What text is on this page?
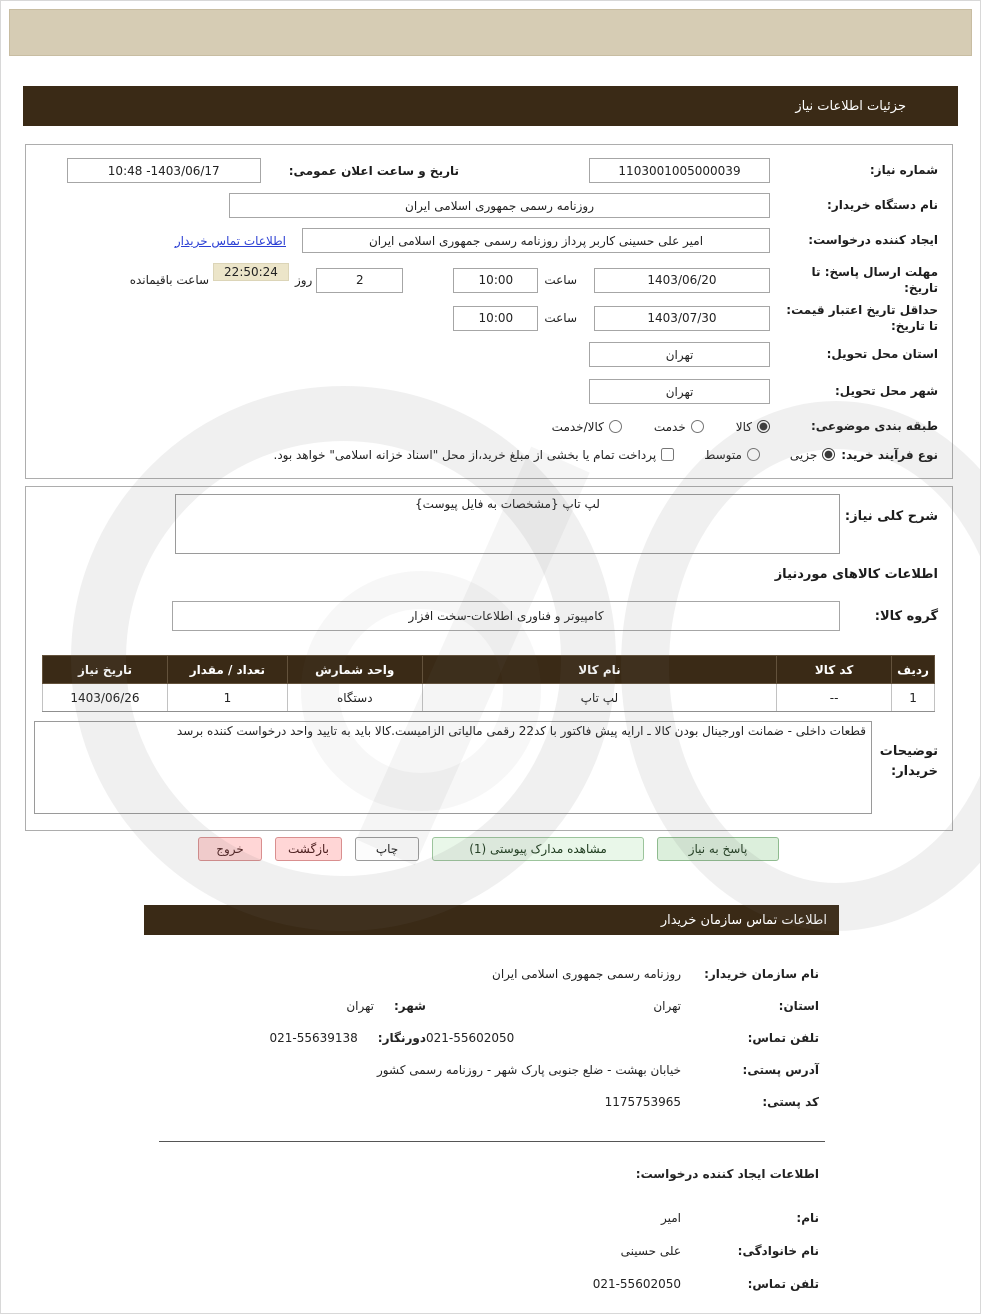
جزئیات اطلاعات نیاز
شماره نیاز:
1103001005000039
تاریخ و ساعت اعلان عمومی:
10:48 -1403/06/17
نام دستگاه خریدار:
روزنامه رسمی جمهوری اسلامی ایران
ایجاد کننده درخواست:
امیر علی حسینی کاربر پرداز روزنامه رسمی جمهوری اسلامی ایران
اطلاعات تماس خریدار
مهلت ارسال پاسخ: تا تاریخ:
1403/06/20
ساعت
10:00
2
روز
22:50:24
ساعت باقیمانده
حداقل تاریخ اعتبار قیمت: تا تاریخ:
1403/07/30
ساعت
10:00
استان محل تحویل:
تهران
شهر محل تحویل:
تهران
طبقه بندی موضوعی:
کالا
خدمت
کالا/خدمت
نوع فرآیند خرید:
جزیی
متوسط
پرداخت تمام یا بخشی از مبلغ خرید،از محل "اسناد خزانه اسلامی" خواهد بود.
شرح کلی نیاز:
لپ تاپ {مشخصات به فایل پیوست}
اطلاعات کالاهای موردنیاز
گروه کالا:
کامپیوتر و فناوری اطلاعات-سخت افزار
ردیف	کد کالا	نام کالا	واحد شمارش	تعداد / مقدار	تاریخ نیاز
1	--	لپ تاپ	دستگاه	1	1403/06/26
توضیحات خریدار:
قطعات داخلی - ضمانت اورجینال بودن کالا ـ ارایه پیش فاکتور با کد22 رقمی مالیاتی الزامیست.کالا باید به تایید واحد درخواست کننده برسد
پاسخ به نیاز
مشاهده مدارک پیوستی (1)
چاپ
بازگشت
خروج
اطلاعات تماس سازمان خریدار
نام سازمان خریدار:
روزنامه رسمی جمهوری اسلامی ایران
استان:
تهران
شهر:
تهران
تلفن تماس:
021-55602050
دورنگار:
021-55639138
آدرس پستی:
خیابان بهشت - ضلع جنوبی پارک شهر - روزنامه رسمی کشور
کد پستی:
1175753965
اطلاعات ایجاد کننده درخواست:
نام:
امیر
نام خانوادگی:
علی حسینی
تلفن تماس:
021-55602050
